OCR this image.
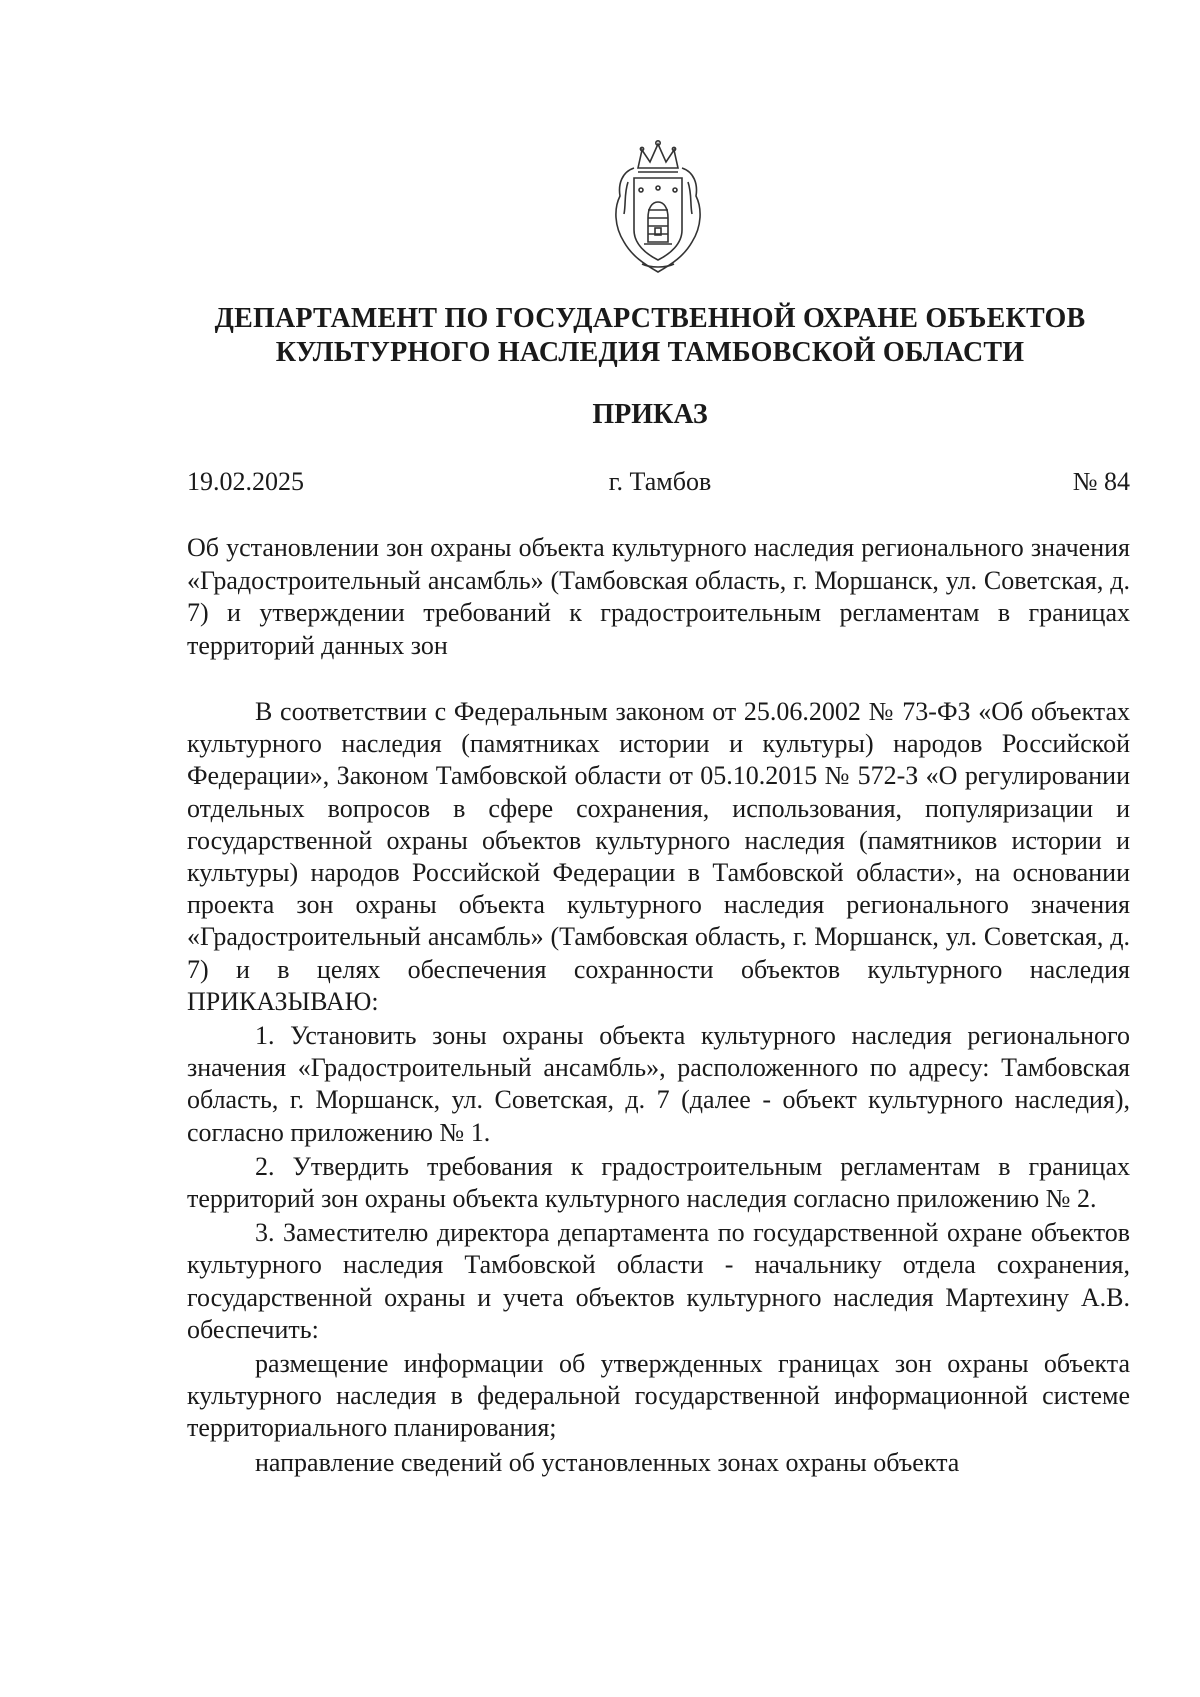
ДЕПАРТАМЕНТ ПО ГОСУДАРСТВЕННОЙ ОХРАНЕ ОБЪЕКТОВ
КУЛЬТУРНОГО НАСЛЕДИЯ ТАМБОВСКОЙ ОБЛАСТИ
ПРИКАЗ
19.02.2025	г. Тамбов	№ 84
Об установлении зон охраны объекта культурного наследия регионального значения «Градостроительный ансамбль» (Тамбовская область, г. Моршанск, ул. Советская, д. 7) и утверждении требований к градостроительным регламентам в границах территорий данных зон

В соответствии с Федеральным законом от 25.06.2002 № 73-ФЗ «Об объектах культурного наследия (памятниках истории и культуры) народов Российской Федерации», Законом Тамбовской области от 05.10.2015 № 572-З «О регулировании отдельных вопросов в сфере сохранения, использования, популяризации и государственной охраны объектов культурного наследия (памятников истории и культуры) народов Российской Федерации в Тамбовской области», на основании проекта зон охраны объекта культурного наследия регионального значения «Градостроительный ансамбль» (Тамбовская область, г. Моршанск, ул. Советская, д. 7) и в целях обеспечения сохранности объектов культурного наследия ПРИКАЗЫВАЮ:

1. Установить зоны охраны объекта культурного наследия регионального значения «Градостроительный ансамбль», расположенного по адресу: Тамбовская область, г. Моршанск, ул. Советская, д. 7 (далее - объект культурного наследия), согласно приложению № 1.

2. Утвердить требования к градостроительным регламентам в границах территорий зон охраны объекта культурного наследия согласно приложению № 2.

3. Заместителю директора департамента по государственной охране объектов культурного наследия Тамбовской области - начальнику отдела сохранения, государственной охраны и учета объектов культурного наследия Мартехину А.В. обеспечить:

размещение информации об утвержденных границах зон охраны объекта культурного наследия в федеральной государственной информационной системе территориального планирования;

направление сведений об установленных зонах охраны объекта
